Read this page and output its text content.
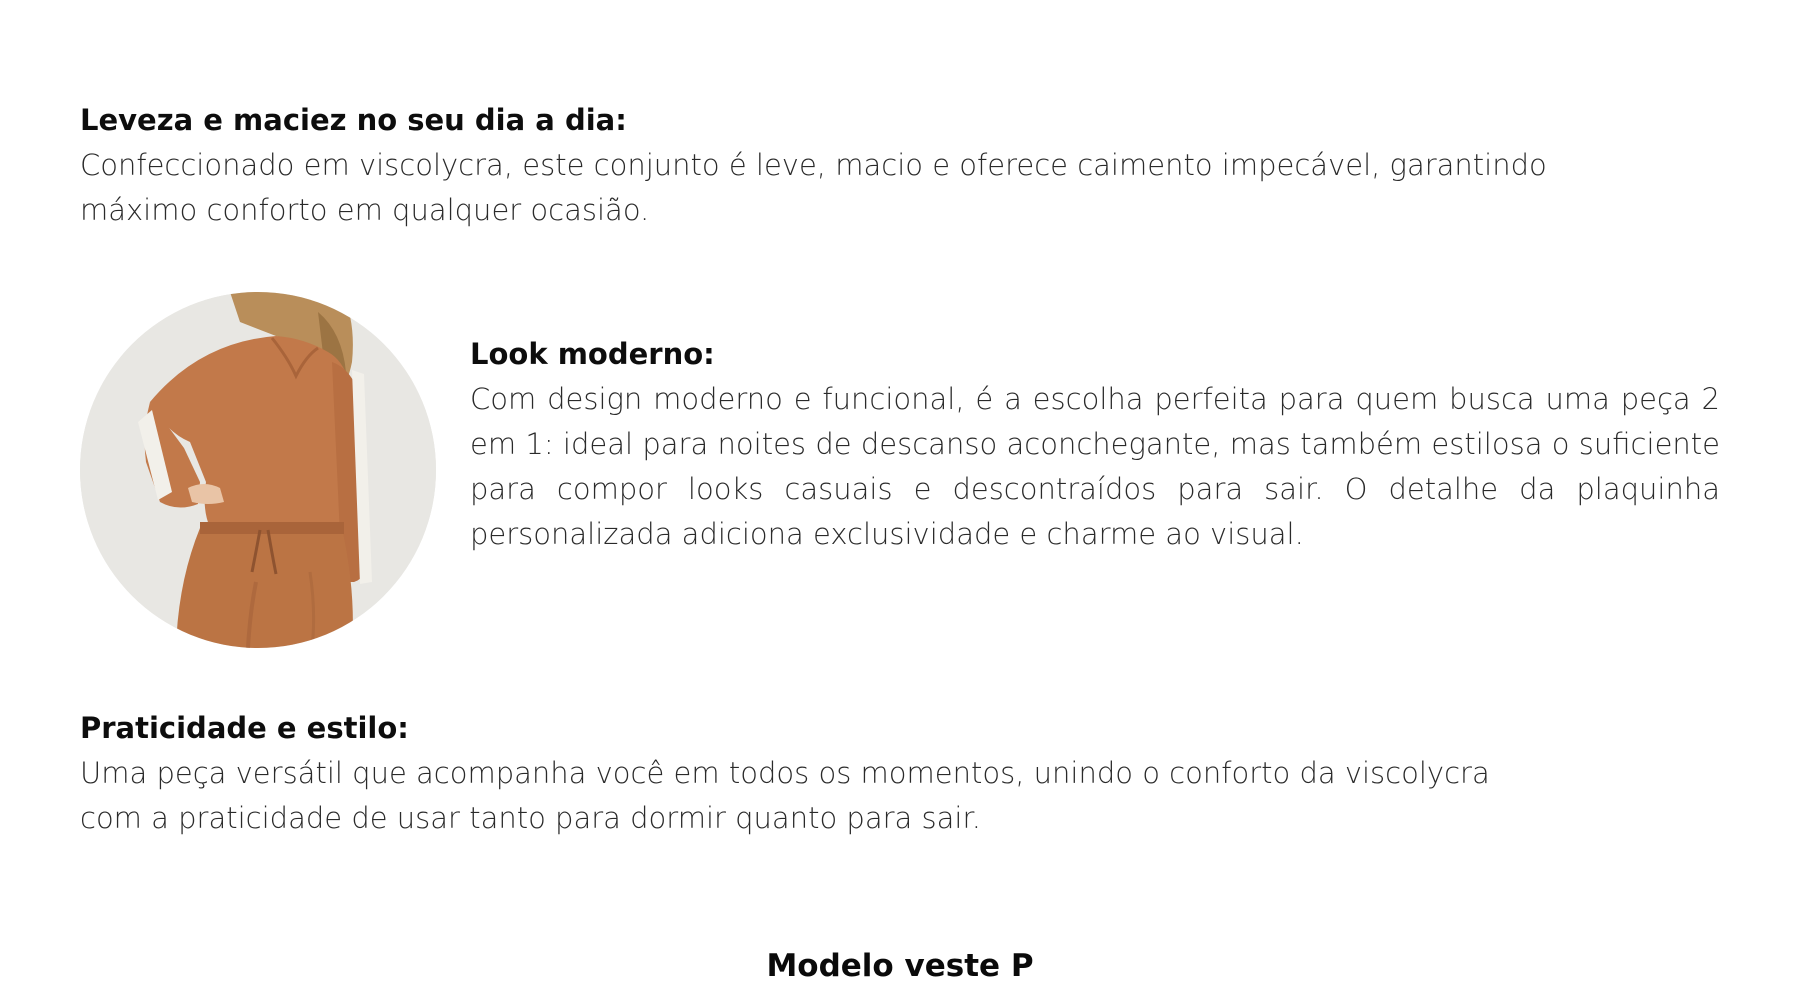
Leveza e maciez no seu dia a dia:

Confeccionado em viscolycra, este conjunto é leve, macio e oferece caimento impecável, garantindo máximo conforto em qualquer ocasião.

Look moderno:

Com design moderno e funcional, é a escolha perfeita para quem busca uma peça 2 em 1: ideal para noites de descanso aconchegante, mas também estilosa o suficiente para compor looks casuais e descontraídos para sair. O detalhe da plaquinha personalizada adiciona exclusividade e charme ao visual.

Praticidade e estilo:

Uma peça versátil que acompanha você em todos os momentos, unindo o conforto da viscolycra com a praticidade de usar tanto para dormir quanto para sair.

Modelo veste P
